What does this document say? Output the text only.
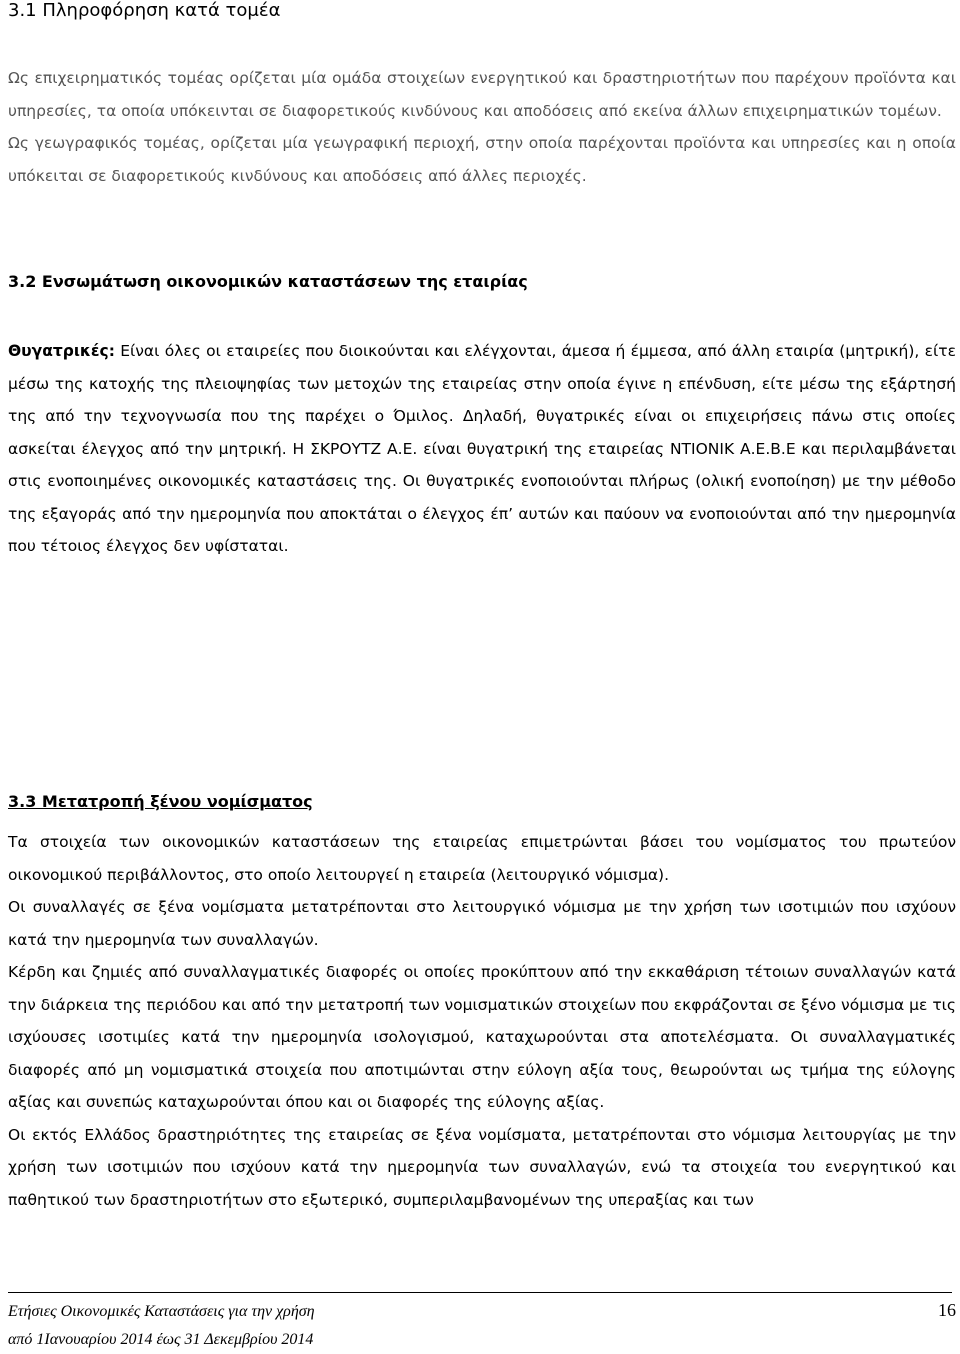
3.1 Πληροφόρηση κατά τομέα

Ως επιχειρηματικός τομέας ορίζεται μία ομάδα στοιχείων ενεργητικού και δραστηριοτήτων που παρέχουν προϊόντα και υπηρεσίες, τα οποία υπόκεινται σε διαφορετικούς κινδύνους και αποδόσεις από εκείνα άλλων επιχειρηματικών τομέων.

Ως γεωγραφικός τομέας, ορίζεται μία γεωγραφική περιοχή, στην οποία παρέχονται προϊόντα και υπηρεσίες και η οποία υπόκειται σε διαφορετικούς κινδύνους και αποδόσεις από άλλες περιοχές.

3.2 Ενσωμάτωση οικονομικών καταστάσεων της εταιρίας

Θυγατρικές: Είναι όλες οι εταιρείες που διοικούνται και ελέγχονται, άμεσα ή έμμεσα, από άλλη εταιρία (μητρική), είτε μέσω της κατοχής της πλειοψηφίας των μετοχών της εταιρείας στην οποία έγινε η επένδυση, είτε μέσω της εξάρτησή της από την τεχνογνωσία που της παρέχει ο Όμιλος. Δηλαδή, θυγατρικές είναι οι επιχειρήσεις πάνω στις οποίες ασκείται έλεγχος από την μητρική. Η ΣΚΡΟΥΤΖ Α.Ε. είναι θυγατρική της εταιρείας ΝΤΙΟΝΙΚ Α.Ε.Β.Ε και περιλαμβάνεται στις ενοποιημένες οικονομικές καταστάσεις της. Οι θυγατρικές ενοποιούνται πλήρως (ολική ενοποίηση) με την μέθοδο της εξαγοράς από την ημερομηνία που αποκτάται ο έλεγχος έπ’ αυτών και παύουν να ενοποιούνται από την ημερομηνία που τέτοιος έλεγχος δεν υφίσταται.

3.3 Μετατροπή ξένου νομίσματος

Τα στοιχεία των οικονομικών καταστάσεων της εταιρείας επιμετρώνται βάσει του νομίσματος του πρωτεύον οικονομικού περιβάλλοντος, στο οποίο λειτουργεί η εταιρεία (λειτουργικό νόμισμα).

Οι συναλλαγές σε ξένα νομίσματα μετατρέπονται στο λειτουργικό νόμισμα με την χρήση των ισοτιμιών που ισχύουν κατά την ημερομηνία των συναλλαγών.

Κέρδη και ζημιές από συναλλαγματικές διαφορές οι οποίες προκύπτουν από την εκκαθάριση τέτοιων συναλλαγών κατά την διάρκεια της περιόδου και από την μετατροπή των νομισματικών στοιχείων που εκφράζονται σε ξένο νόμισμα με τις ισχύουσες ισοτιμίες κατά την ημερομηνία ισολογισμού, καταχωρούνται στα αποτελέσματα. Οι συναλλαγματικές διαφορές από μη νομισματικά στοιχεία που αποτιμώνται στην εύλογη αξία τους, θεωρούνται ως τμήμα της εύλογης αξίας και συνεπώς καταχωρούνται όπου και οι διαφορές της εύλογης αξίας.

Οι εκτός Ελλάδος δραστηριότητες της εταιρείας σε ξένα νομίσματα, μετατρέπονται στο νόμισμα λειτουργίας με την χρήση των ισοτιμιών που ισχύουν κατά την ημερομηνία των συναλλαγών, ενώ τα στοιχεία του ενεργητικού και παθητικού των δραστηριοτήτων στο εξωτερικό, συμπεριλαμβανομένων της υπεραξίας και των

Ετήσιες Οικονομικές Καταστάσεις για την χρήση
από 1Ιανουαρίου 2014 έως 31 Δεκεμβρίου 2014
16
